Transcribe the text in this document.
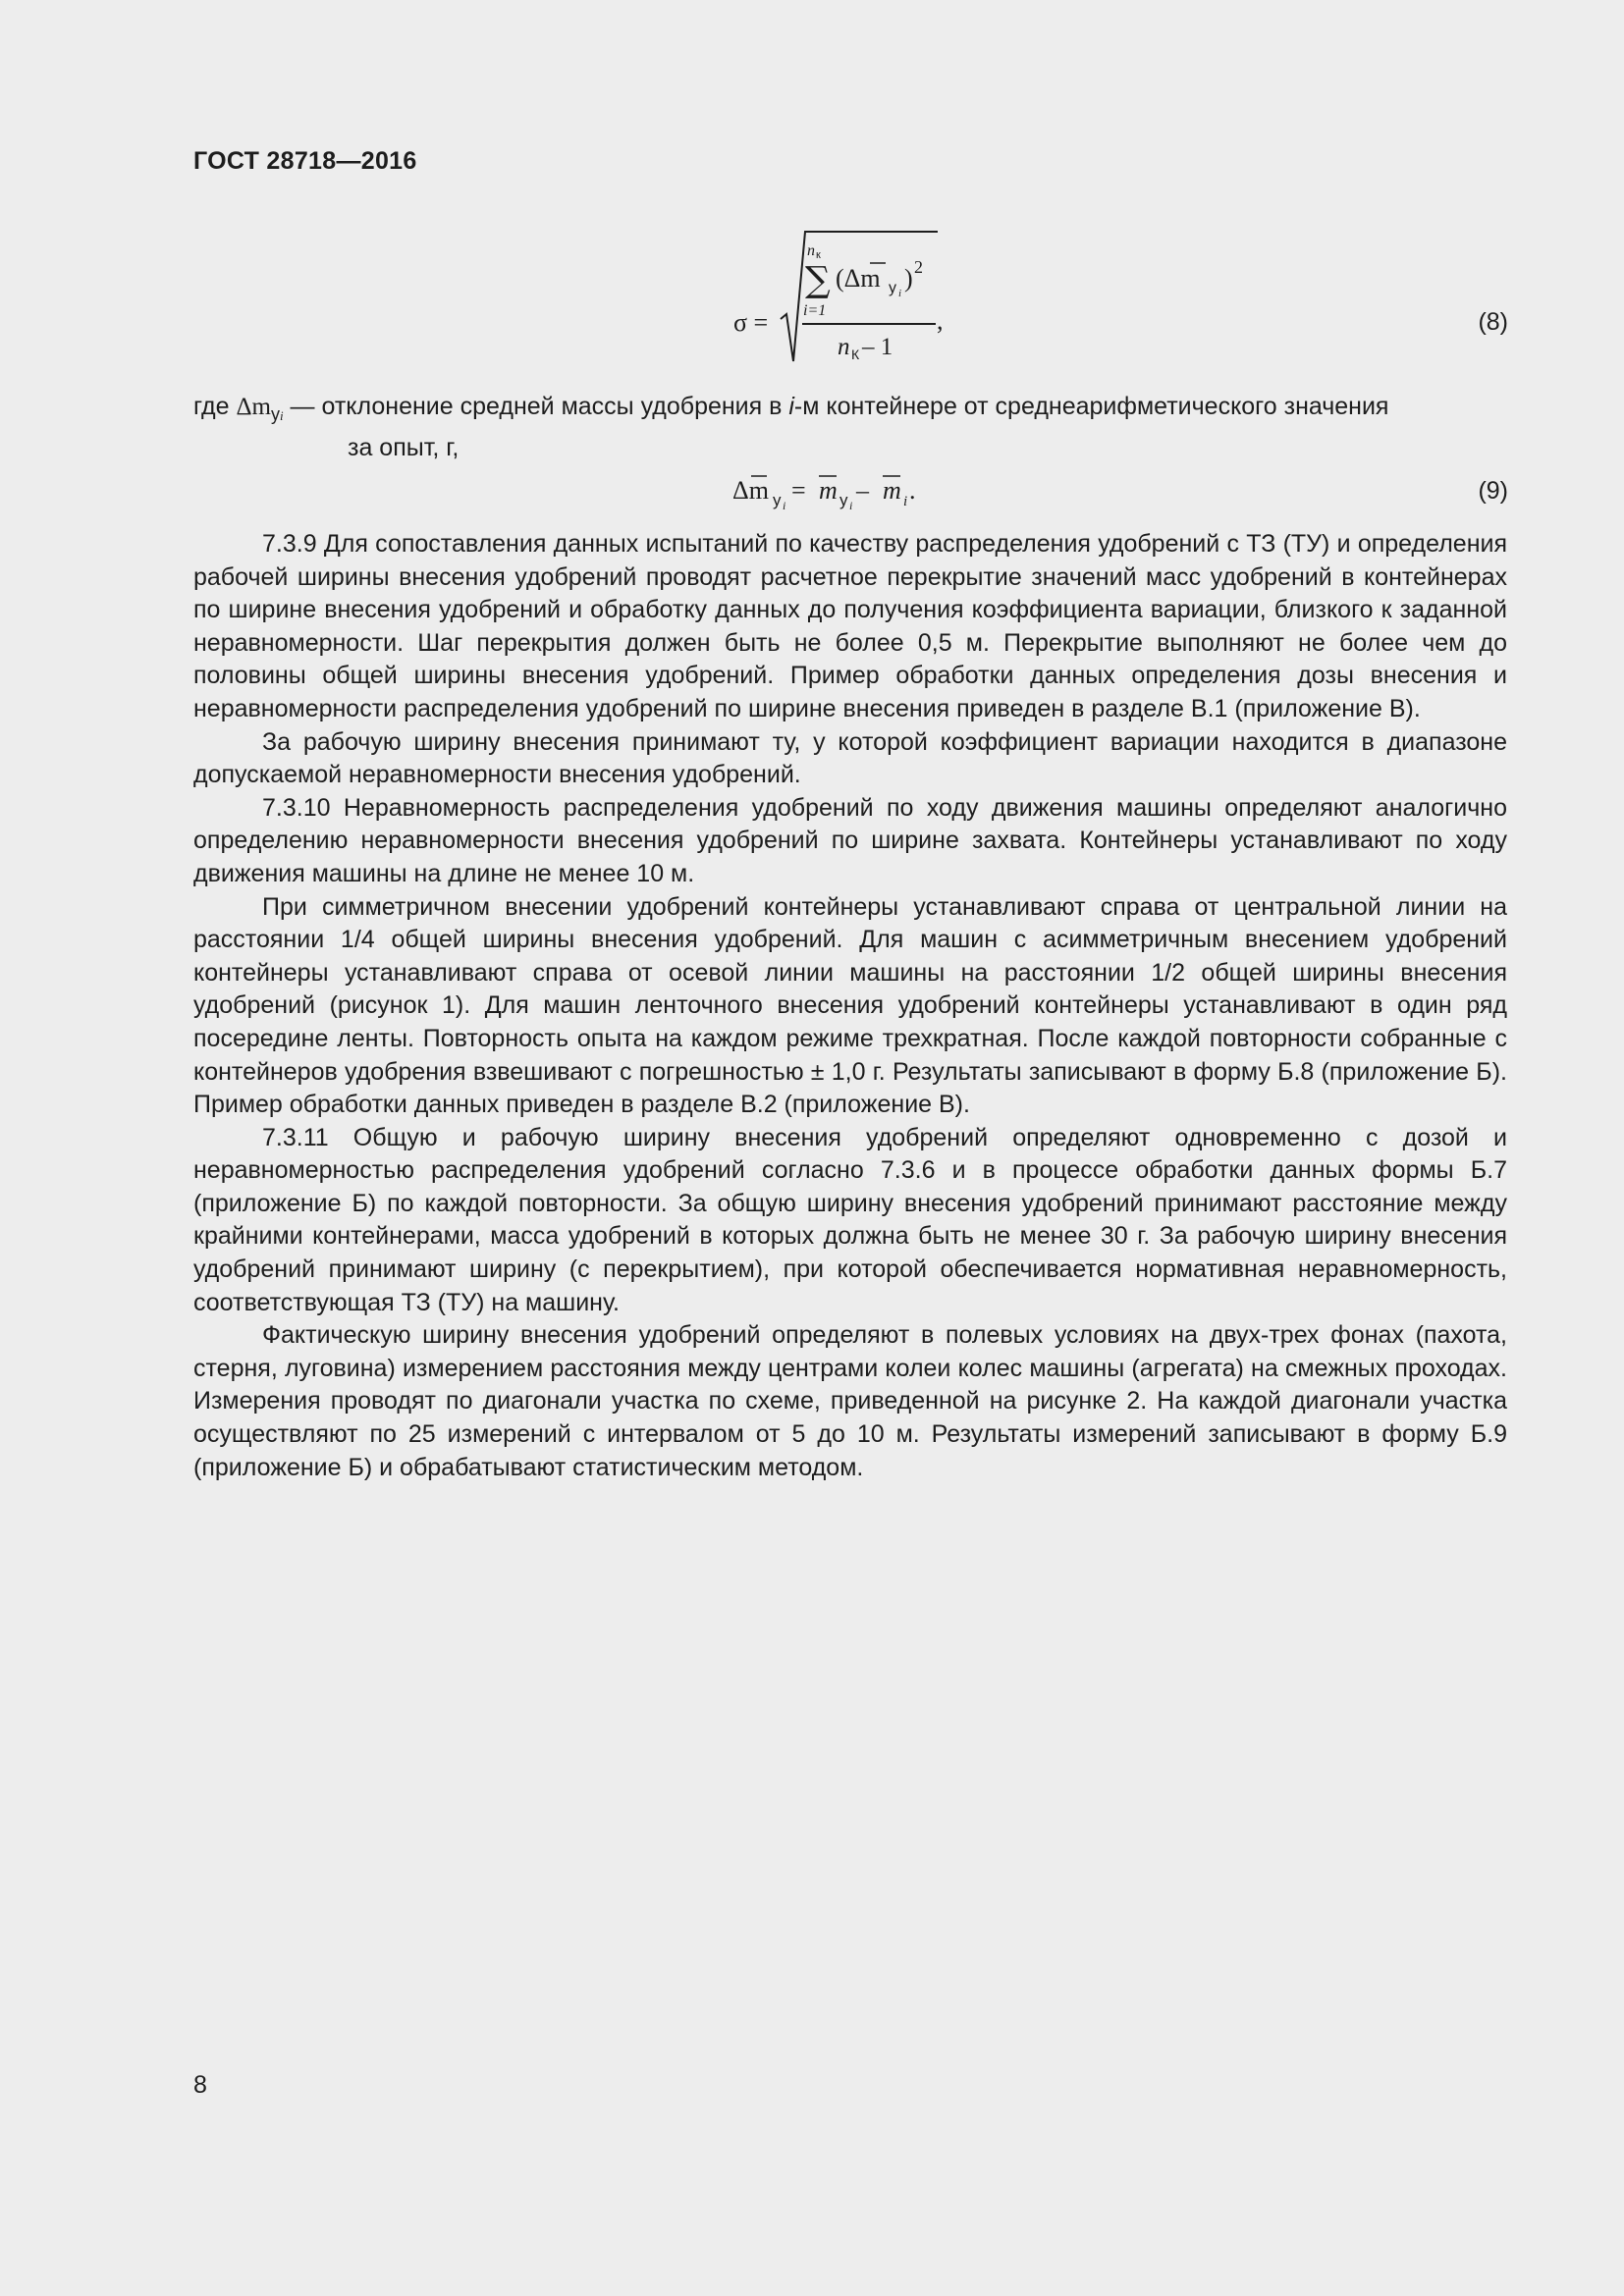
ГОСТ 28718—2016
σ =
n к
∑
i=1
(Δm у i
) 2
n К – 1
,	(8)
где $\Delta m_{уi}$ — отклонение средней массы удобрения в i-м контейнере от среднеарифметического значения
за опыт, г,
Δm у i
= m у i
– m i .	(9)

7.3.9 Для сопоставления данных испытаний по качеству распределения удобрений с ТЗ (ТУ) и определения рабочей ширины внесения удобрений проводят расчетное перекрытие значений масс удобрений в контейнерах по ширине внесения удобрений и обработку данных до получения коэффициента вариации, близкого к заданной неравномерности. Шаг перекрытия должен быть не более 0,5 м. Перекрытие выполняют не более чем до половины общей ширины внесения удобрений. Пример обработки данных определения дозы внесения и неравномерности распределения удобрений по ширине внесения приведен в разделе В.1 (приложение В).

За рабочую ширину внесения принимают ту, у которой коэффициент вариации находится в диапазоне допускаемой неравномерности внесения удобрений.

7.3.10 Неравномерность распределения удобрений по ходу движения машины определяют аналогично определению неравномерности внесения удобрений по ширине захвата. Контейнеры устанавливают по ходу движения машины на длине не менее 10 м.

При симметричном внесении удобрений контейнеры устанавливают справа от центральной линии на расстоянии 1/4 общей ширины внесения удобрений. Для машин с асимметричным внесением удобрений контейнеры устанавливают справа от осевой линии машины на расстоянии 1/2 общей ширины внесения удобрений (рисунок 1). Для машин ленточного внесения удобрений контейнеры устанавливают в один ряд посередине ленты. Повторность опыта на каждом режиме трехкратная. После каждой повторности собранные с контейнеров удобрения взвешивают с погрешностью ± 1,0 г. Результаты записывают в форму Б.8 (приложение Б). Пример обработки данных приведен в разделе В.2 (приложение В).

7.3.11 Общую и рабочую ширину внесения удобрений определяют одновременно с дозой и неравномерностью распределения удобрений согласно 7.3.6 и в процессе обработки данных формы Б.7 (приложение Б) по каждой повторности. За общую ширину внесения удобрений принимают расстояние между крайними контейнерами, масса удобрений в которых должна быть не менее 30 г. За рабочую ширину внесения удобрений принимают ширину (с перекрытием), при которой обеспечивается нормативная неравномерность, соответствующая ТЗ (ТУ) на машину.

Фактическую ширину внесения удобрений определяют в полевых условиях на двух-трех фонах (пахота, стерня, луговина) измерением расстояния между центрами колеи колес машины (агрегата) на смежных проходах. Измерения проводят по диагонали участка по схеме, приведенной на рисунке 2. На каждой диагонали участка осуществляют по 25 измерений с интервалом от 5 до 10 м. Результаты измерений записывают в форму Б.9 (приложение Б) и обрабатывают статистическим методом.

8
